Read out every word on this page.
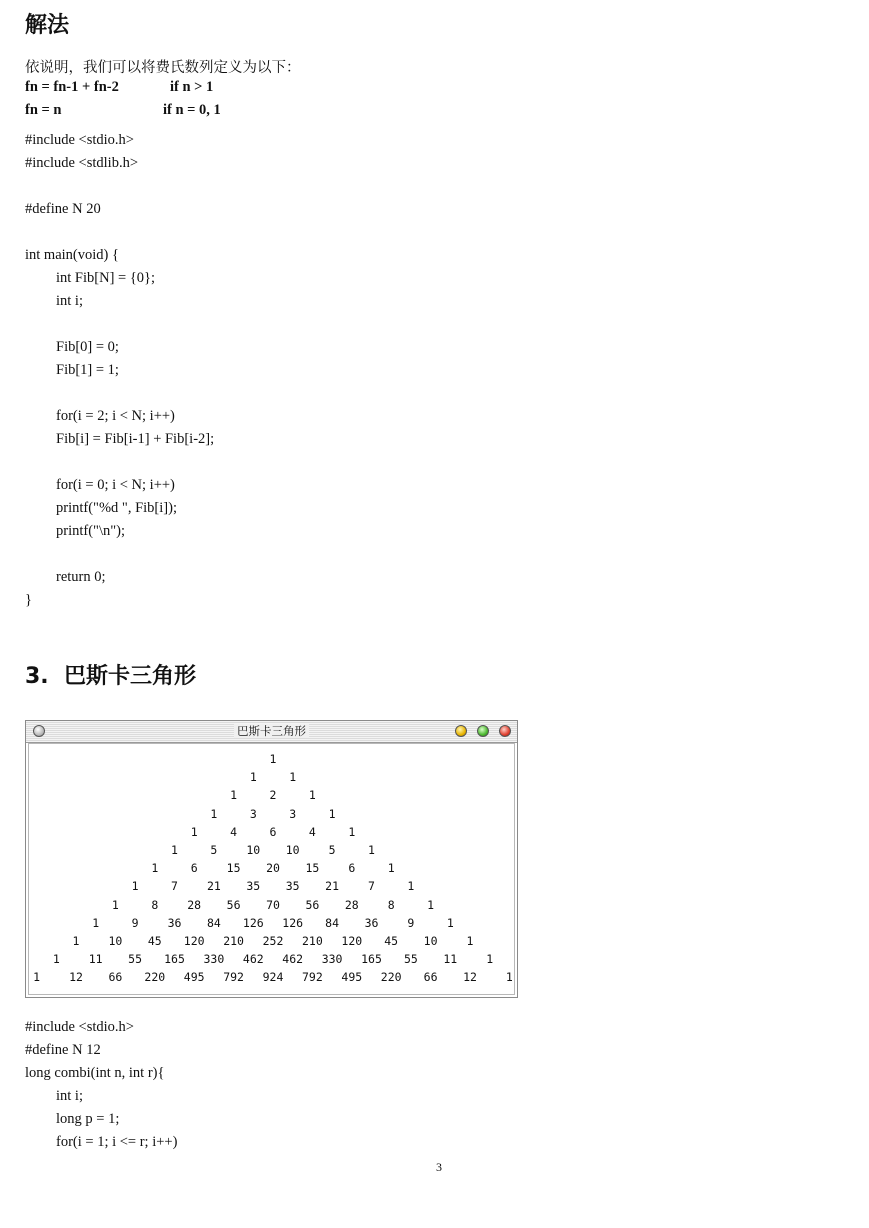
解法
依说明，我们可以将费氏数列定义为以下：
fn = fn-1 + fn-2	if n > 1
fn = n	if n = 0, 1
#include <stdio.h>
#include <stdlib.h>
#define N 20
int main(void) {
int Fib[N] = {0};
int i;
Fib[0] = 0;
Fib[1] = 1;
for(i = 2; i < N; i++)
Fib[i] = Fib[i-1] + Fib[i-2];
for(i = 0; i < N; i++)
printf("%d ", Fib[i]);
printf("\n");
return 0;
}
3.  巴斯卡三角形
巴斯卡三角形
1
1	1
1	2	1
1	3	3	1
1	4	6	4	1
1	5	10 10	5	1
1	6	15 20 15	6	1
1	7	21 35 35 21	7	1
1	8	28 56 70 56 28	8	1
1	9	36 84 126 126 84 36	9	1
1	10 45 120 210 252 210 120 45 10	1
1	11 55 165 330 462 462 330 165 55 11	1
1	12 66 220 495 792 924 792 495 220 66 12	1
#include <stdio.h>
#define N 12
long combi(int n, int r){
int i;
long p = 1;
for(i = 1; i <= r; i++)
3
